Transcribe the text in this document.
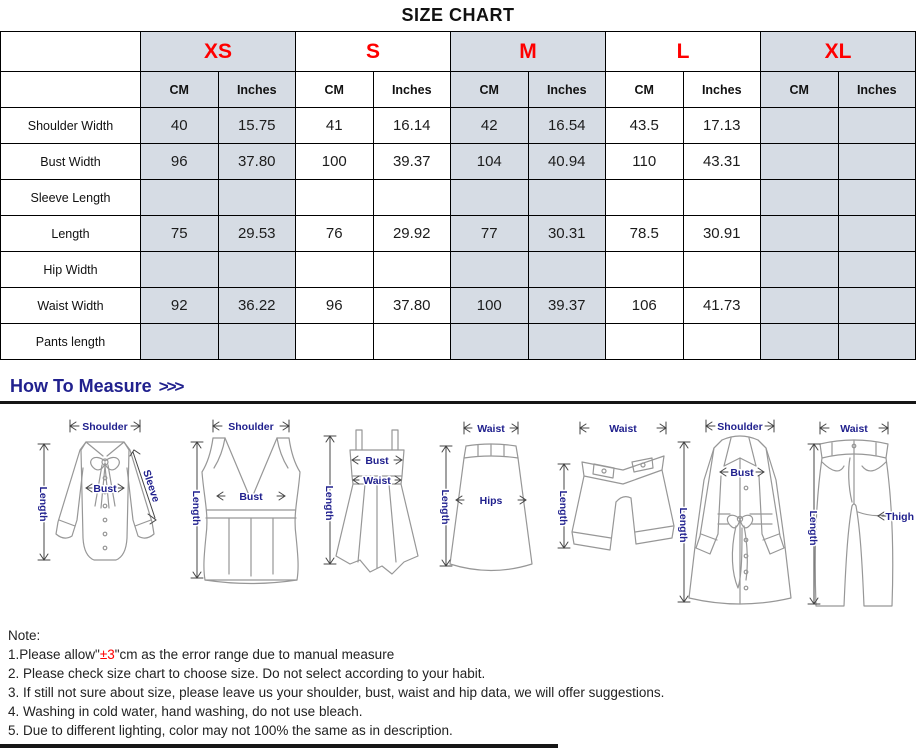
SIZE CHART
	XS		S		M		L		XL	
	CM	Inches	CM	Inches	CM	Inches	CM	Inches	CM	Inches
Shoulder Width	40	15.75	41	16.14	42	16.54	43.5	17.13		
Bust Width	96	37.80	100	39.37	104	40.94	110	43.31		
Sleeve Length										
Length	75	29.53	76	29.92	77	30.31	78.5	30.91		
Hip Width										
Waist Width	92	36.22	96	37.80	100	39.37	106	41.73		
Pants length										
How To Measure >>>
Shoulder
Length	Bust Sleeve
Shoulder
Length	Bust	Length
Bust
Waist
Waist
Hips
Length
Waist
Length
Shoulder
Bust
Length
Waist
Length	Thigh
Note:
1.Please allow"±3"cm as the error range due to manual measure
2. Please check size chart to choose size. Do not select according to your habit.
3. If still not sure about size, please leave us your shoulder, bust, waist and hip data, we will offer suggestions.
4. Washing in cold water, hand washing, do not use bleach.
5. Due to different lighting, color may not 100% the same as in description.
